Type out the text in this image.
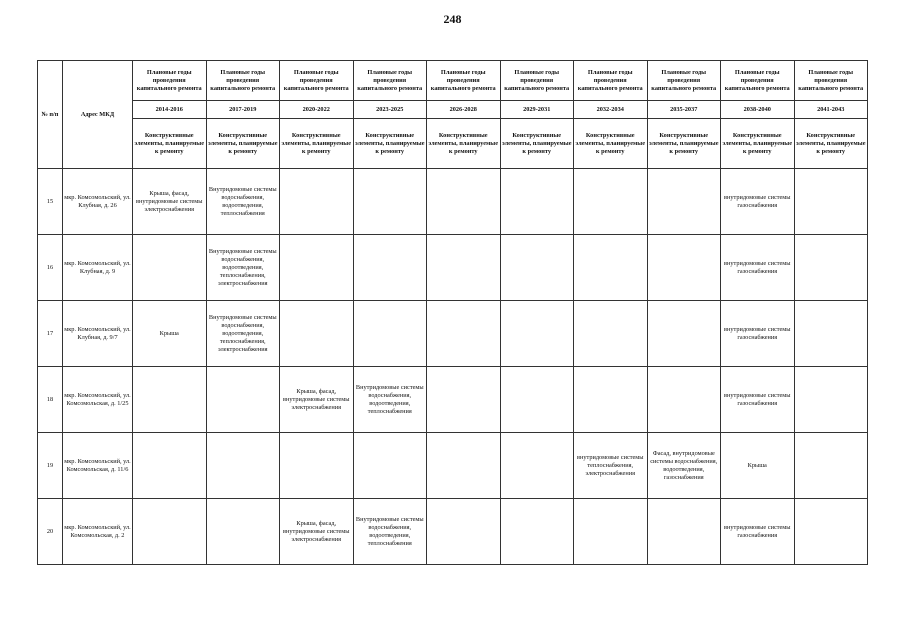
248
№ п/п	Адрес МКД	Плановые годы проведения капитального ремонта	Плановые годы проведения капитального ремонта	Плановые годы проведения капитального ремонта	Плановые годы проведения капитального ремонта	Плановые годы проведения капитального ремонта	Плановые годы проведения капитального ремонта	Плановые годы проведения капитального ремонта	Плановые годы проведения капитального ремонта	Плановые годы проведения капитального ремонта	Плановые годы проведения капитального ремонта
		2014-2016	2017-2019	2020-2022	2023-2025	2026-2028	2029-2031	2032-2034	2035-2037	2038-2040	2041-2043
		Конструктивные элементы, планируемые к ремонту	Конструктивные элементы, планируемые к ремонту	Конструктивные элементы, планируемые к ремонту	Конструктивные элементы, планируемые к ремонту	Конструктивные элементы, планируемые к ремонту	Конструктивные элементы, планируемые к ремонту	Конструктивные элементы, планируемые к ремонту	Конструктивные элементы, планируемые к ремонту	Конструктивные элементы, планируемые к ремонту	Конструктивные элементы, планируемые к ремонту
15	мкр. Комсомольский, ул. Клубная, д. 26	Крыша, фасад, внутридомовые системы электроснабжения	Внутридомовые системы водоснабжения, водоотведения, теплоснабжения							внутридомовые системы газоснабжения	
16	мкр. Комсомольский, ул. Клубная, д. 9		Внутридомовые системы водоснабжения, водоотведения, теплоснабжения, электроснабжения							внутридомовые системы газоснабжения	
17	мкр. Комсомольский, ул. Клубная, д. 9/7	Крыша	Внутридомовые системы водоснабжения, водоотведения, теплоснабжения, электроснабжения							внутридомовые системы газоснабжения	
18	мкр. Комсомольский, ул. Комсомольская, д. 1/25			Крыша, фасад, внутридомовые системы электроснабжения	Внутридомовые системы водоснабжения, водоотведения, теплоснабжения					внутридомовые системы газоснабжения	
19	мкр. Комсомольский, ул. Комсомольская, д. 11/6							внутридомовые системы теплоснабжения, электроснабжения	Фасад, внутридомовые системы водоснабжения, водоотведения, газоснабжения	Крыша	
20	мкр. Комсомольский, ул. Комсомольская, д. 2			Крыша, фасад, внутридомовые системы электроснабжения	Внутридомовые системы водоснабжения, водоотведения, теплоснабжения					внутридомовые системы газоснабжения	
